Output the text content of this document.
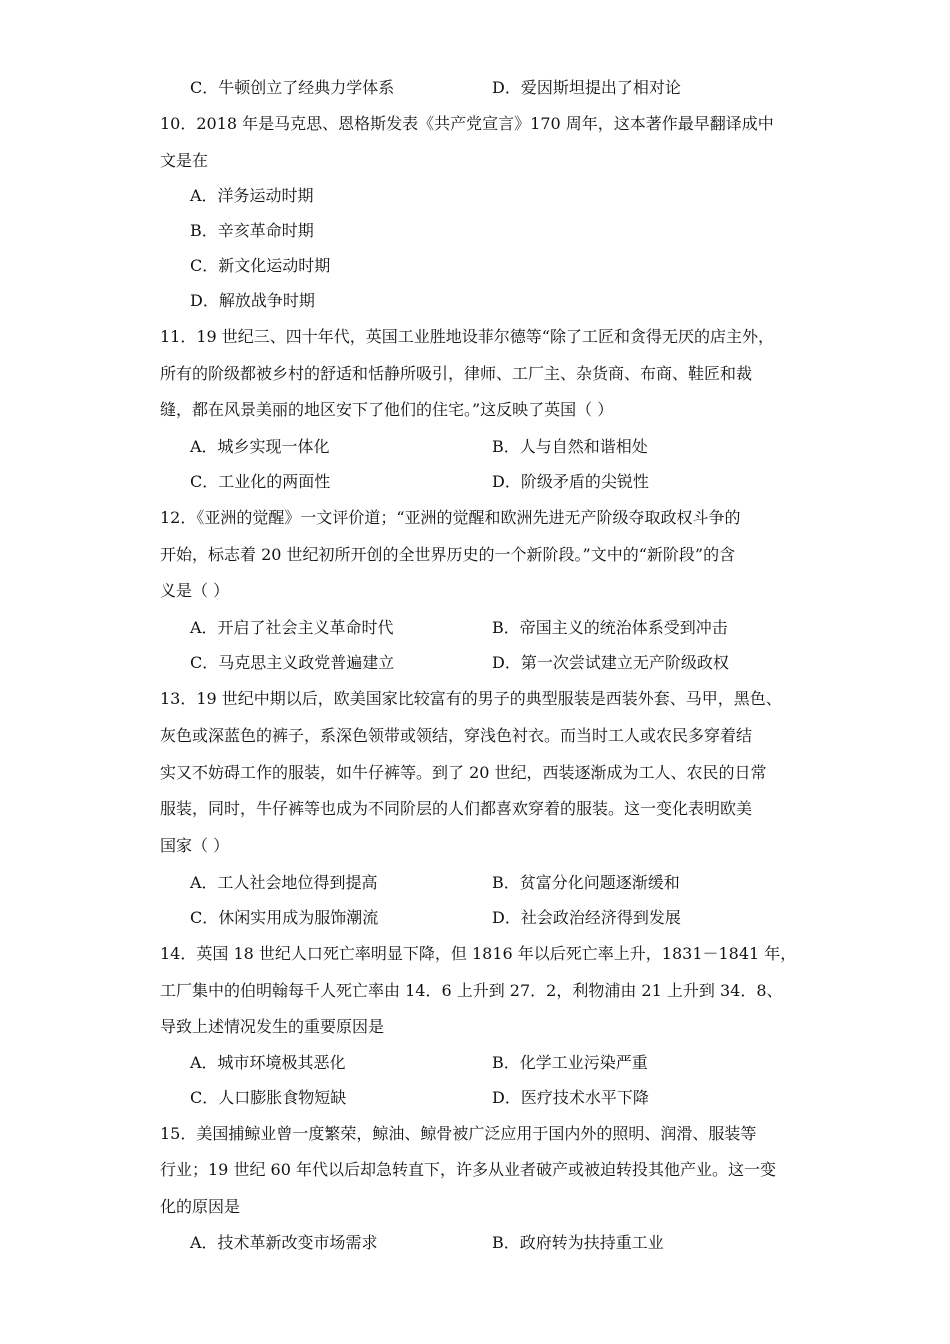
C．牛顿创立了经典力学体系	D．爱因斯坦提出了相对论
10．2018 年是马克思、恩格斯发表《共产党宣言》170 周年，这本著作最早翻译成中
文是在
A．洋务运动时期
B．辛亥革命时期
C．新文化运动时期
D．解放战争时期
11．19 世纪三、四十年代，英国工业胜地设菲尔德等“除了工匠和贪得无厌的店主外，
所有的阶级都被乡村的舒适和恬静所吸引，律师、工厂主、杂货商、布商、鞋匠和裁
缝，都在风景美丽的地区安下了他们的住宅。”这反映了英国（ ）
A．城乡实现一体化	B．人与自然和谐相处
C．工业化的两面性	D．阶级矛盾的尖锐性
12．《亚洲的觉醒》一文评价道；“亚洲的觉醒和欧洲先进无产阶级夺取政权斗争的
开始，标志着 20 世纪初所开创的全世界历史的一个新阶段。”文中的“新阶段”的含
义是（ ）
A．开启了社会主义革命时代	B．帝国主义的统治体系受到冲击
C．马克思主义政党普遍建立	D．第一次尝试建立无产阶级政权
13．19 世纪中期以后，欧美国家比较富有的男子的典型服装是西装外套、马甲，黑色、
灰色或深蓝色的裤子，系深色领带或领结，穿浅色衬衣。而当时工人或农民多穿着结
实又不妨碍工作的服装，如牛仔裤等。到了 20 世纪，西装逐渐成为工人、农民的日常
服装，同时，牛仔裤等也成为不同阶层的人们都喜欢穿着的服装。这一变化表明欧美
国家（ ）
A．工人社会地位得到提高	B．贫富分化问题逐渐缓和
C．休闲实用成为服饰潮流	D．社会政治经济得到发展
14．英国 18 世纪人口死亡率明显下降，但 1816 年以后死亡率上升，1831－1841 年，
工厂集中的伯明翰每千人死亡率由 14．6 上升到 27．2，利物浦由 21 上升到 34．8、
导致上述情况发生的重要原因是
A．城市环境极其恶化	B．化学工业污染严重
C．人口膨胀食物短缺	D．医疗技术水平下降
15．美国捕鲸业曾一度繁荣，鲸油、鲸骨被广泛应用于国内外的照明、润滑、服装等
行业；19 世纪 60 年代以后却急转直下，许多从业者破产或被迫转投其他产业。这一变
化的原因是
A．技术革新改变市场需求	B．政府转为扶持重工业
